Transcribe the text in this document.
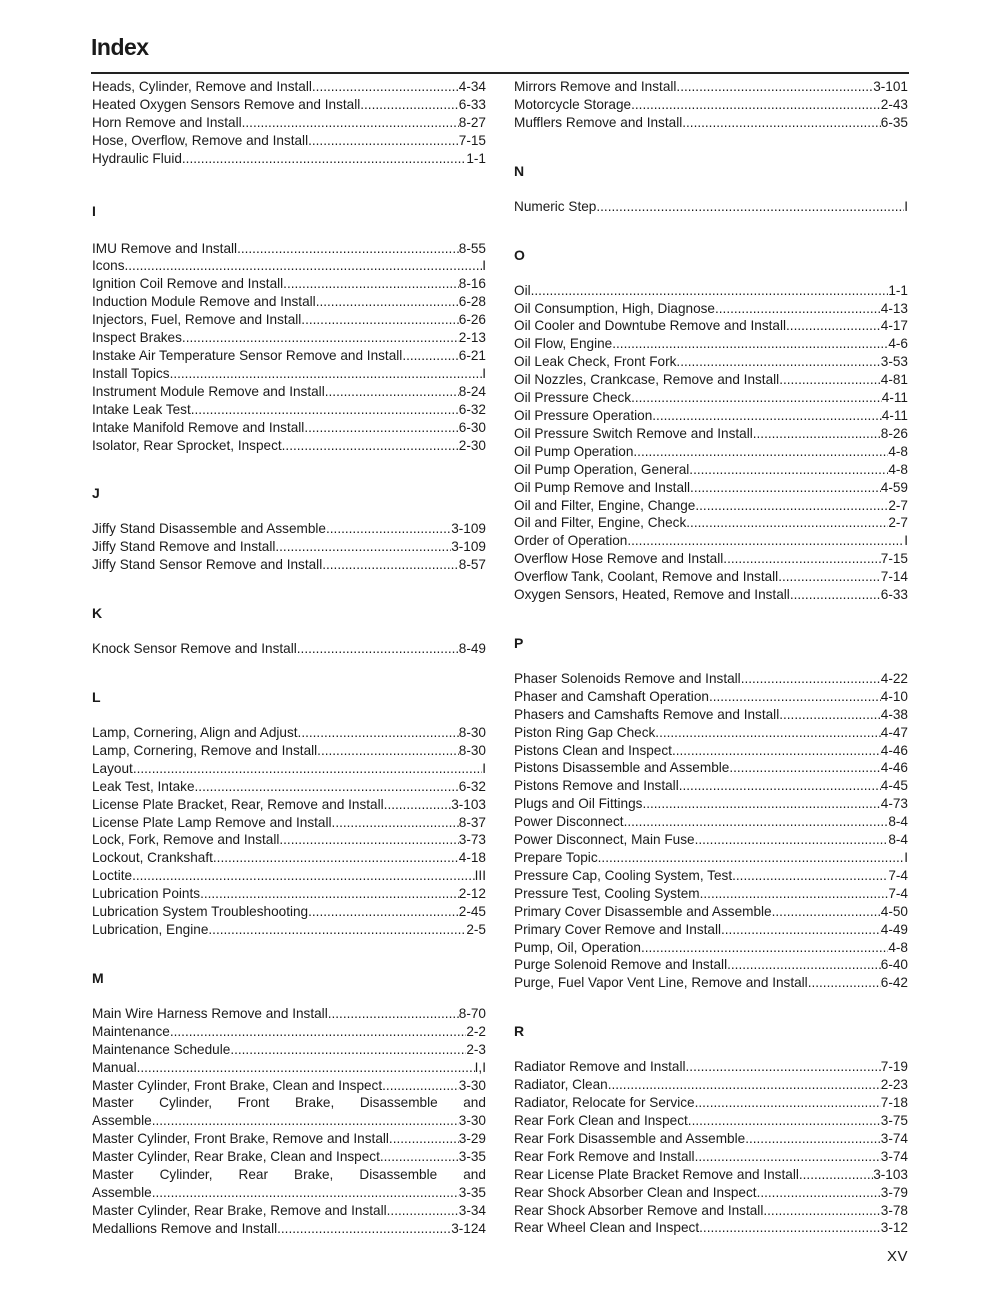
Index
Heads, Cylinder, Remove and Install .....	4-34
Heated Oxygen Sensors Remove and Install .....	6-33
Horn Remove and Install .....	8-27
Hose, Overflow, Remove and Install .....	7-15
Hydraulic Fluid .....	1-1
I
IMU Remove and Install .....	8-55
Icons .....	I
Ignition Coil Remove and Install .....	8-16
Induction Module Remove and Install .....	6-28
Injectors, Fuel, Remove and Install .....	6-26
Inspect Brakes .....	2-13
Instake Air Temperature Sensor Remove and Install .....	6-21
Install Topics .....	I
Instrument Module Remove and Install .....	8-24
Intake Leak Test .....	6-32
Intake Manifold Remove and Install .....	6-30
Isolator, Rear Sprocket, Inspect .....	2-30
J
Jiffy Stand Disassemble and Assemble .....	3-109
Jiffy Stand Remove and Install .....	3-109
Jiffy Stand Sensor Remove and Install .....	8-57
K
Knock Sensor Remove and Install .....	8-49
L
Lamp, Cornering, Align and Adjust .....	8-30
Lamp, Cornering, Remove and Install .....	8-30
Layout .....	I
Leak Test, Intake .....	6-32
License Plate Bracket, Rear, Remove and Install .....	3-103
License Plate Lamp Remove and Install .....	8-37
Lock, Fork, Remove and Install .....	3-73
Lockout, Crankshaft .....	4-18
Loctite .....	III
Lubrication Points .....	2-12
Lubrication System Troubleshooting .....	2-45
Lubrication, Engine .....	2-5
M
Main Wire Harness Remove and Install .....	8-70
Maintenance .....	2-2
Maintenance Schedule .....	2-3
Manual .....	I,I
Master Cylinder, Front Brake, Clean and Inspect .....	3-30
Master Cylinder, Front Brake, Disassemble and
Assemble .....	3-30
Master Cylinder, Front Brake, Remove and Install .....	3-29
Master Cylinder, Rear Brake, Clean and Inspect .....	3-35
Master Cylinder, Rear Brake, Disassemble and
Assemble .....	3-35
Master Cylinder, Rear Brake, Remove and Install .....	3-34
Medallions Remove and Install .....	3-124
Mirrors Remove and Install .....	3-101
Motorcycle Storage .....	2-43
Mufflers Remove and Install .....	6-35
N
Numeric Step .....	I
O
Oil .....	1-1
Oil Consumption, High, Diagnose .....	4-13
Oil Cooler and Downtube Remove and Install .....	4-17
Oil Flow, Engine .....	4-6
Oil Leak Check, Front Fork .....	3-53
Oil Nozzles, Crankcase, Remove and Install .....	4-81
Oil Pressure Check .....	4-11
Oil Pressure Operation .....	4-11
Oil Pressure Switch Remove and Install .....	8-26
Oil Pump Operation .....	4-8
Oil Pump Operation, General .....	4-8
Oil Pump Remove and Install .....	4-59
Oil and Filter, Engine, Change .....	2-7
Oil and Filter, Engine, Check .....	2-7
Order of Operation .....	I
Overflow Hose Remove and Install .....	7-15
Overflow Tank, Coolant, Remove and Install .....	7-14
Oxygen Sensors, Heated, Remove and Install .....	6-33
P
Phaser Solenoids Remove and Install .....	4-22
Phaser and Camshaft Operation .....	4-10
Phasers and Camshafts Remove and Install .....	4-38
Piston Ring Gap Check .....	4-47
Pistons Clean and Inspect .....	4-46
Pistons Disassemble and Assemble .....	4-46
Pistons Remove and Install .....	4-45
Plugs and Oil Fittings .....	4-73
Power Disconnect .....	8-4
Power Disconnect, Main Fuse .....	8-4
Prepare Topic .....	I
Pressure Cap, Cooling System, Test .....	7-4
Pressure Test, Cooling System .....	7-4
Primary Cover Disassemble and Assemble .....	4-50
Primary Cover Remove and Install .....	4-49
Pump, Oil, Operation .....	4-8
Purge Solenoid Remove and Install .....	6-40
Purge, Fuel Vapor Vent Line, Remove and Install .....	6-42
R
Radiator Remove and Install .....	7-19
Radiator, Clean .....	2-23
Radiator, Relocate for Service .....	7-18
Rear Fork Clean and Inspect .....	3-75
Rear Fork Disassemble and Assemble .....	3-74
Rear Fork Remove and Install .....	3-74
Rear License Plate Bracket Remove and Install .....	3-103
Rear Shock Absorber Clean and Inspect .....	3-79
Rear Shock Absorber Remove and Install .....	3-78
Rear Wheel Clean and Inspect .....	3-12
XV
